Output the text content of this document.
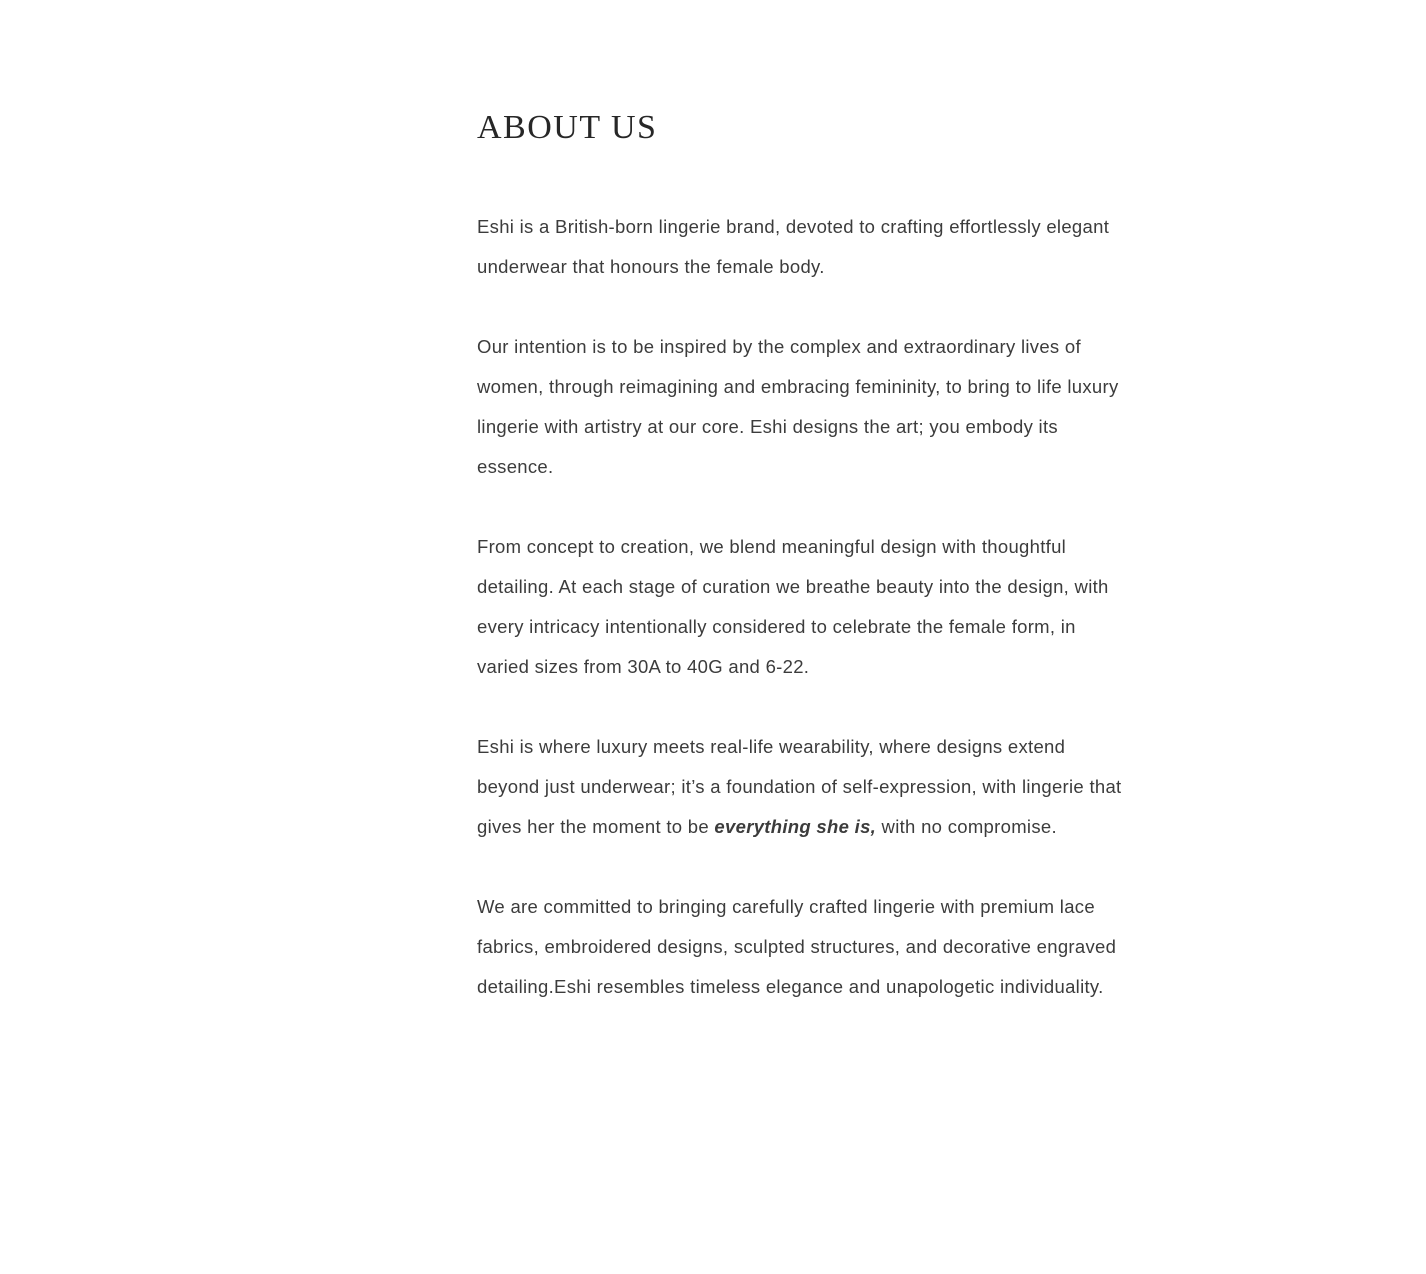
ABOUT US

Eshi is a British-born lingerie brand, devoted to crafting effortlessly elegant underwear that honours the female body.

Our intention is to be inspired by the complex and extraordinary lives of women, through reimagining and embracing femininity, to bring to life luxury lingerie with artistry at our core. Eshi designs the art; you embody its essence.

From concept to creation, we blend meaningful design with thoughtful detailing. At each stage of curation we breathe beauty into the design, with every intricacy intentionally considered to celebrate the female form, in varied sizes from 30A to 40G and 6-22.

Eshi is where luxury meets real-life wearability, where designs extend beyond just underwear; it’s a foundation of self-expression, with lingerie that gives her the moment to be everything she is, with no compromise.

We are committed to bringing carefully crafted lingerie with premium lace fabrics, embroidered designs, sculpted structures, and decorative engraved detailing.Eshi resembles timeless elegance and unapologetic individuality.
